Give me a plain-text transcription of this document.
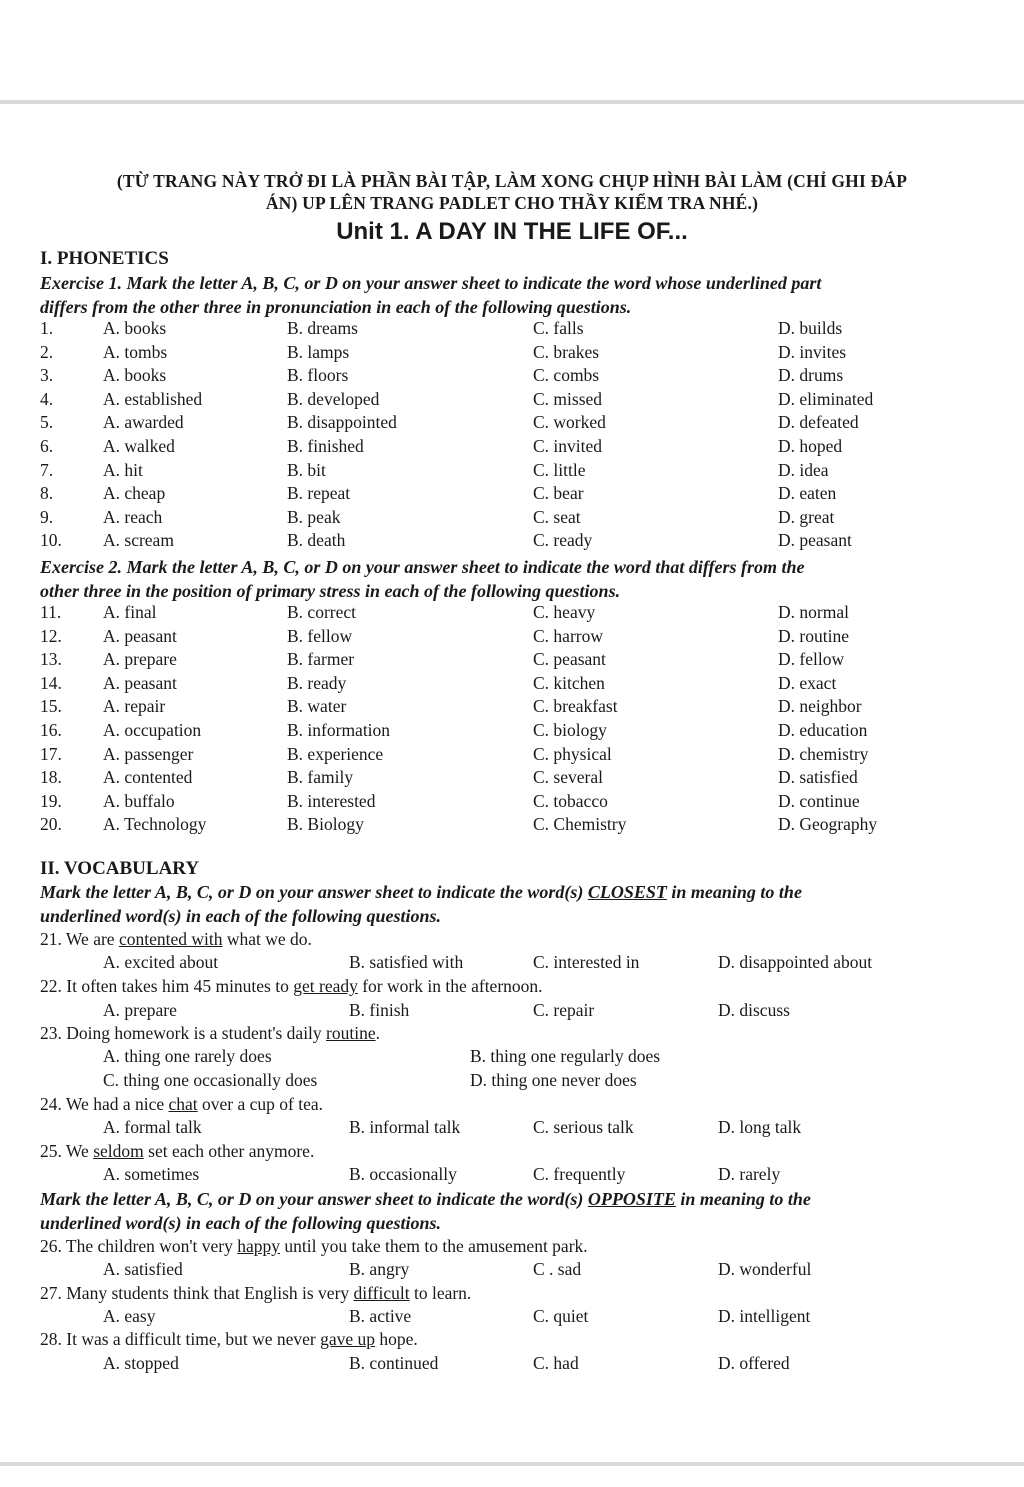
(TỪ TRANG NÀY TRỞ ĐI LÀ PHẦN BÀI TẬP, LÀM XONG CHỤP HÌNH BÀI LÀM (CHỈ GHI ĐÁP
ÁN) UP LÊN TRANG PADLET CHO THẦY KIỂM TRA NHÉ.)
Unit 1. A DAY IN THE LIFE OF...
I. PHONETICS
Exercise 1. Mark the letter A, B, C, or D on your answer sheet to indicate the word whose underlined part
differs from the other three in pronunciation in each of the following questions.
1.	A. books	B. dreams	C. falls	D. builds
2.	A. tombs	B. lamps	C. brakes	D. invites
3.	A. books	B. floors	C. combs	D. drums
4.	A. established	B. developed	C. missed	D. eliminated
5.	A. awarded	B. disappointed	C. worked	D. defeated
6.	A. walked	B. finished	C. invited	D. hoped
7.	A. hit	B. bit	C. little	D. idea
8.	A. cheap	B. repeat	C. bear	D. eaten
9.	A. reach	B. peak	C. seat	D. great
10. A. scream	B. death	C. ready	D. peasant
Exercise 2. Mark the letter A, B, C, or D on your answer sheet to indicate the word that differs from the
other three in the position of primary stress in each of the following questions.
11. A. final	B. correct	C. heavy	D. normal
12. A. peasant	B. fellow	C. harrow	D. routine
13. A. prepare	B. farmer	C. peasant	D. fellow
14. A. peasant	B. ready	C. kitchen	D. exact
15. A. repair	B. water	C. breakfast	D. neighbor
16. A. occupation	B. information	C. biology	D. education
17. A. passenger	B. experience	C. physical	D. chemistry
18. A. contented	B. family	C. several	D. satisfied
19. A. buffalo	B. interested	C. tobacco	D. continue
20. A. Technology	B. Biology	C. Chemistry	D. Geography
II. VOCABULARY
Mark the letter A, B, C, or D on your answer sheet to indicate the word(s) CLOSEST in meaning to the
underlined word(s) in each of the following questions.
21. We are contented with what we do.
A. excited about	B. satisfied with	C. interested in	D. disappointed about
22. It often takes him 45 minutes to get ready for work in the afternoon.
A. prepare	B. finish	C. repair	D. discuss
23. Doing homework is a student's daily routine.
A. thing one rarely does	B. thing one regularly does
C. thing one occasionally does	D. thing one never does
24. We had a nice chat over a cup of tea.
A. formal talk	B. informal talk	C. serious talk	D. long talk
25. We seldom set each other anymore.
A. sometimes	B. occasionally	C. frequently	D. rarely
Mark the letter A, B, C, or D on your answer sheet to indicate the word(s) OPPOSITE in meaning to the
underlined word(s) in each of the following questions.
26. The children won't very happy until you take them to the amusement park.
A. satisfied	B. angry	C . sad	D. wonderful
27. Many students think that English is very difficult to learn.
A. easy	B. active	C. quiet	D. intelligent
28. It was a difficult time, but we never gave up hope.
A. stopped	B. continued	C. had	D. offered
